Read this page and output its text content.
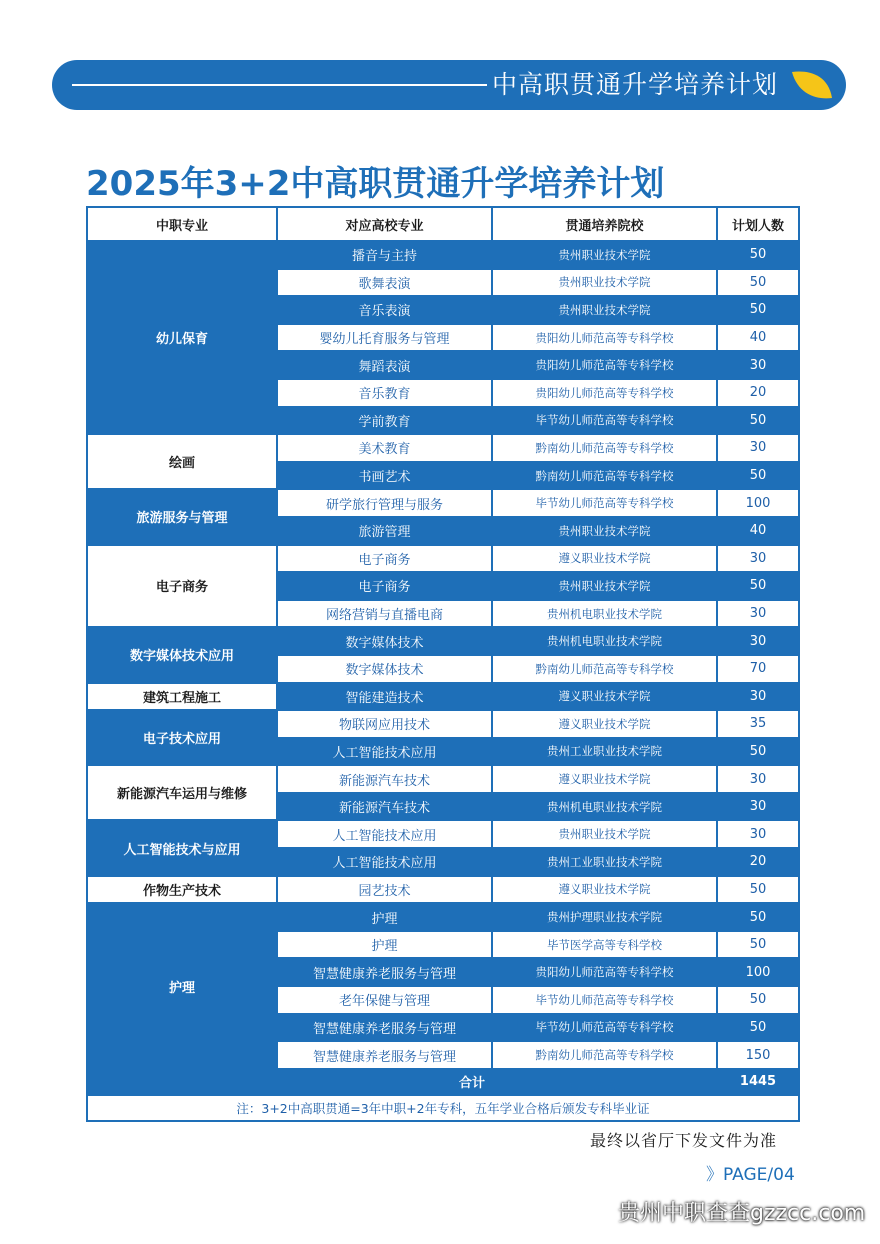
中高职贯通升学培养计划
2025年3+2中高职贯通升学培养计划
中职专业	对应高校专业	贯通培养院校	计划人数
幼儿保育	播音与主持	贵州职业技术学院	50
	歌舞表演	贵州职业技术学院	50
	音乐表演	贵州职业技术学院	50
	婴幼儿托育服务与管理	贵阳幼儿师范高等专科学校	40
	舞蹈表演	贵阳幼儿师范高等专科学校	30
	音乐教育	贵阳幼儿师范高等专科学校	20
	学前教育	毕节幼儿师范高等专科学校	50
绘画	美术教育	黔南幼儿师范高等专科学校	30
	书画艺术	黔南幼儿师范高等专科学校	50
旅游服务与管理	研学旅行管理与服务	毕节幼儿师范高等专科学校	100
	旅游管理	贵州职业技术学院	40
电子商务	电子商务	遵义职业技术学院	30
	电子商务	贵州职业技术学院	50
	网络营销与直播电商	贵州机电职业技术学院	30
数字媒体技术应用	数字媒体技术	贵州机电职业技术学院	30
	数字媒体技术	黔南幼儿师范高等专科学校	70
建筑工程施工	智能建造技术	遵义职业技术学院	30
电子技术应用	物联网应用技术	遵义职业技术学院	35
	人工智能技术应用	贵州工业职业技术学院	50
新能源汽车运用与维修	新能源汽车技术	遵义职业技术学院	30
	新能源汽车技术	贵州机电职业技术学院	30
人工智能技术与应用	人工智能技术应用	贵州职业技术学院	30
	人工智能技术应用	贵州工业职业技术学院	20
作物生产技术	园艺技术	遵义职业技术学院	50
护理	护理	贵州护理职业技术学院	50
	护理	毕节医学高等专科学校	50
	智慧健康养老服务与管理	贵阳幼儿师范高等专科学校	100
	老年保健与管理	毕节幼儿师范高等专科学校	50
	智慧健康养老服务与管理	毕节幼儿师范高等专科学校	50
	智慧健康养老服务与管理	黔南幼儿师范高等专科学校	150
合计			1445
注：3+2中高职贯通=3年中职+2年专科，五年学业合格后颁发专科毕业证			
最终以省厅下发文件为准
》PAGE/04
贵州中职查查gzzcc.com
